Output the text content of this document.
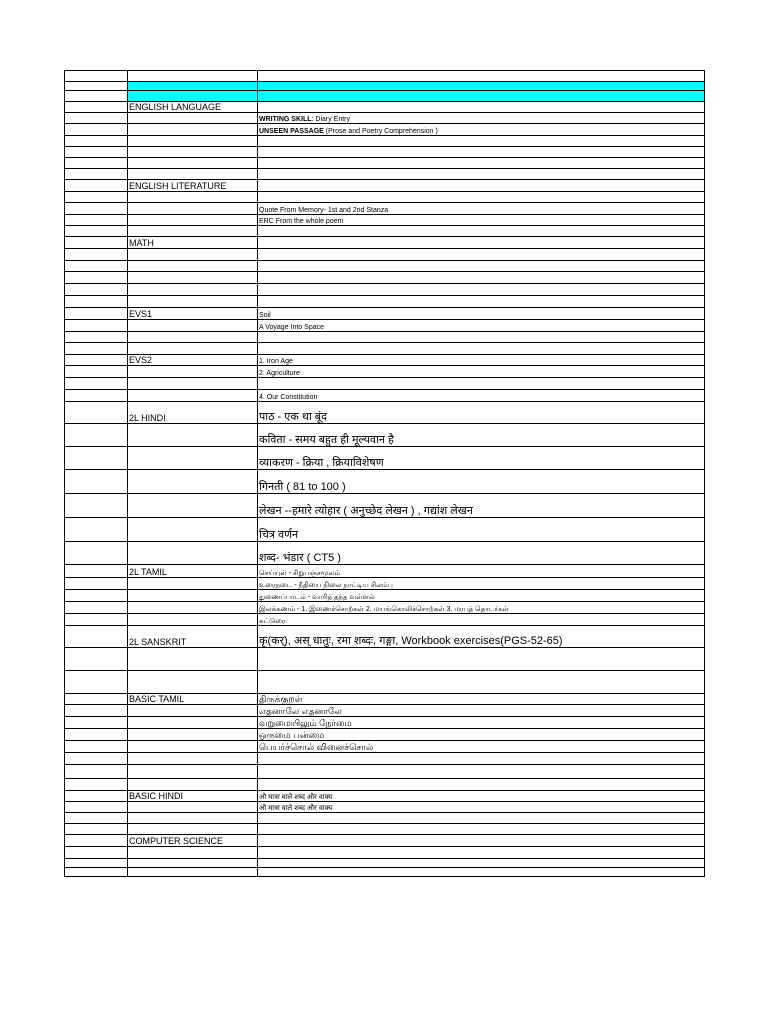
	ENGLISH LANGUAGE	
		WRITING SKILL: Diary Entry
		UNSEEN PASSAGE (Prose and Poetry Comprehension )

	ENGLISH LITERATURE	

		Quote From Memory- 1st and 2nd Stanza
		ERC From the whole poem

	MATH	

	EVS1	Soil
		A Voyage Into Space

	EVS2	1. Iron Age
		2. Agriculture

		4. Our Constitution
	2L HINDI	पाठ - एक था बूंद
		कविता - समय बहुत ही मूल्यवान है
		व्याकरण - क्रिया , क्रियाविशेषण
		गिनती ( 81 to 100 )
		लेखन --हमारे त्योहार ( अनुच्छेद लेखन ) , गद्यांश लेखन
		चित्र वर्णन
		शब्द- भंडार ( CT5 )
	2L TAMIL	செய்யுள் - சிறுபஞ்சமூலம்
		உரைநடை - நீதியை நிலை நாட்டிய சிலம்பு
		துணைப்பாடம் - வாரித் தந்த வள்ளல்
		இலக்கணம் - 1. இணைச்சொற்கள் 2. மயங்கொலிச்சொற்கள் 3. மரபுத் தொடர்கள்
		கட்டுரை.
	2L SANSKRIT	कृ(कर्), अस् धातुः, रमा शब्दः, गङ्गा, Workbook exercises(PGS-52-65)

	BASIC TAMIL	திருக்குறள்
		எதனாலே எதனாலே
		வறுமையிலும் நேர்மை
		ஒருமை பன்மை
		பெயர்ச்சொல் வினைச்சொல்

	BASIC HINDI	औ मात्रा वाले शब्द और वाक्य
		औ मात्रा वाले शब्द और वाक्य

	COMPUTER SCIENCE	
